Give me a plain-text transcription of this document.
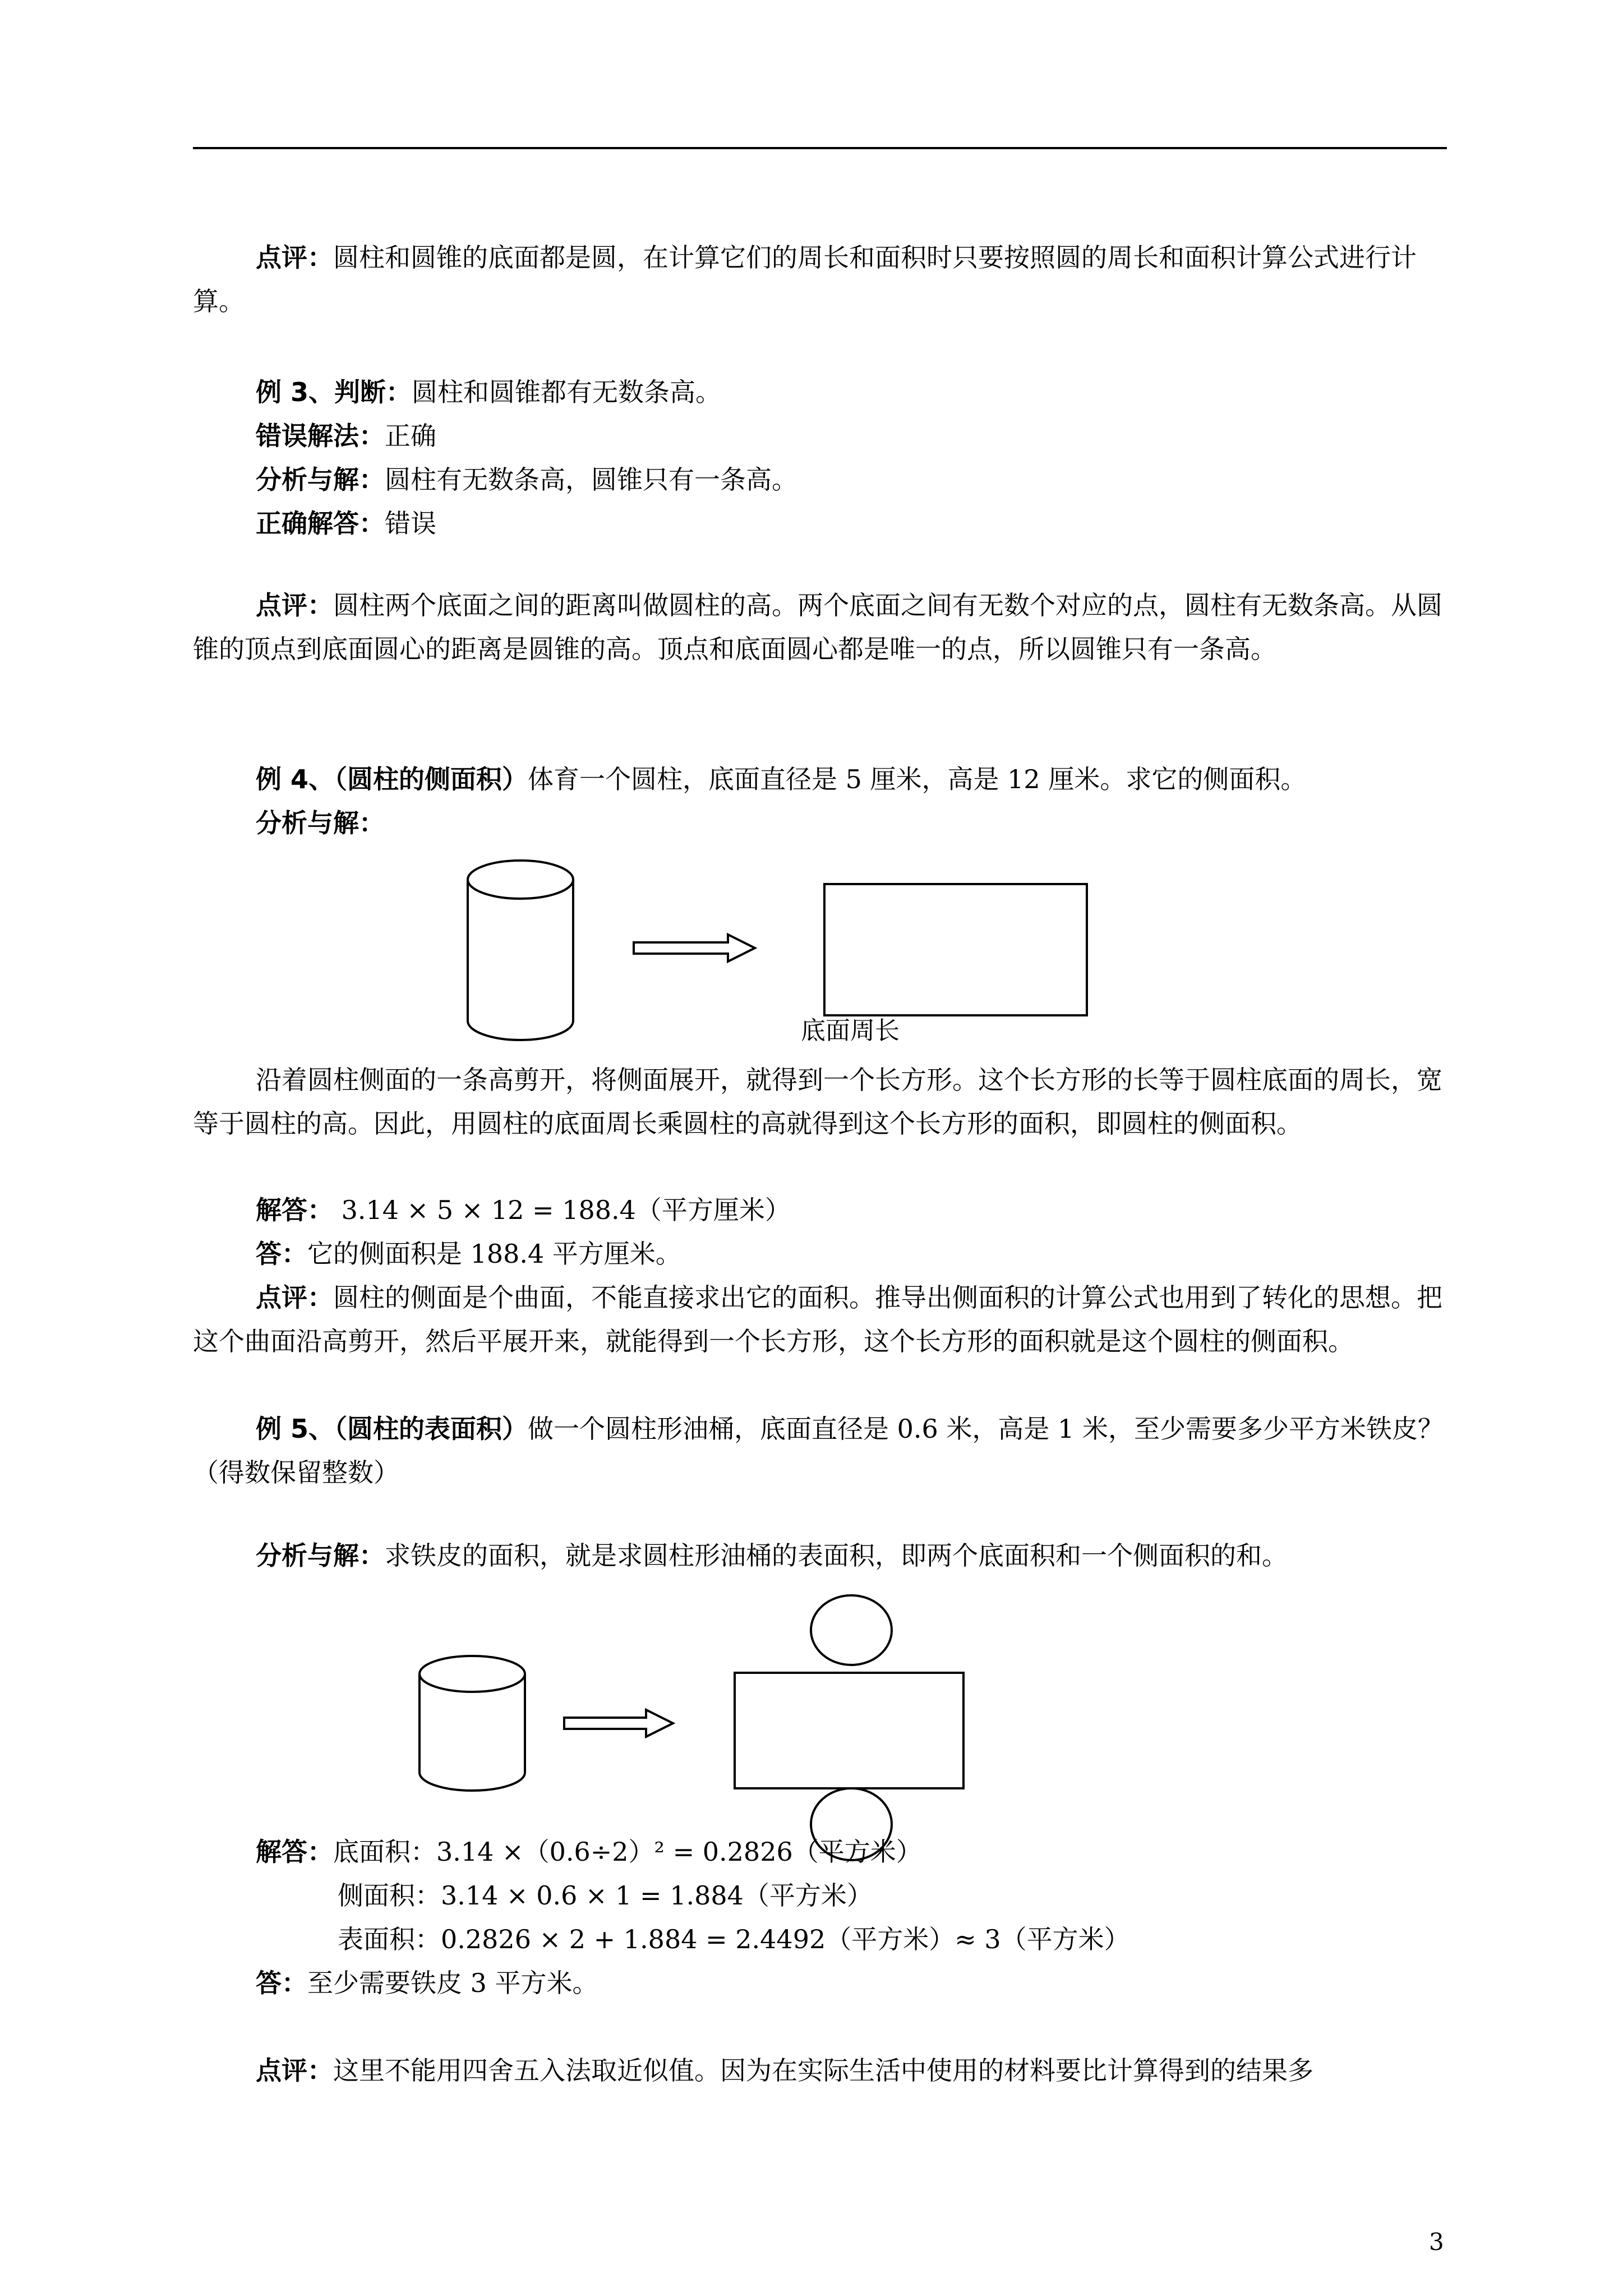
点评：圆柱和圆锥的底面都是圆，在计算它们的周长和面积时只要按照圆的周长和面积计算公式进行计算。
例 3、判断：圆柱和圆锥都有无数条高。
错误解法：正确
分析与解：圆柱有无数条高，圆锥只有一条高。
正确解答：错误
点评：圆柱两个底面之间的距离叫做圆柱的高。两个底面之间有无数个对应的点，圆柱有无数条高。从圆锥的顶点到底面圆心的距离是圆锥的高。顶点和底面圆心都是唯一的点，所以圆锥只有一条高。
例 4、（圆柱的侧面积）体育一个圆柱，底面直径是 5 厘米，高是 12 厘米。求它的侧面积。
分析与解：
底面周长
沿着圆柱侧面的一条高剪开，将侧面展开，就得到一个长方形。这个长方形的长等于圆柱底面的周长，宽等于圆柱的高。因此，用圆柱的底面周长乘圆柱的高就得到这个长方形的面积，即圆柱的侧面积。
解答： 3.14 × 5 × 12 = 188.4（平方厘米）
答：它的侧面积是 188.4 平方厘米。
点评：圆柱的侧面是个曲面，不能直接求出它的面积。推导出侧面积的计算公式也用到了转化的思想。把这个曲面沿高剪开，然后平展开来，就能得到一个长方形，这个长方形的面积就是这个圆柱的侧面积。
例 5、（圆柱的表面积）做一个圆柱形油桶，底面直径是 0.6 米，高是 1 米，至少需要多少平方米铁皮？（得数保留整数）
分析与解：求铁皮的面积，就是求圆柱形油桶的表面积，即两个底面积和一个侧面积的和。
解答：底面积：3.14 ×（0.6÷2）² = 0.2826（平方米）
侧面积：3.14 × 0.6 × 1 = 1.884（平方米）
表面积：0.2826 × 2 + 1.884 = 2.4492（平方米）≈ 3（平方米）
答：至少需要铁皮 3 平方米。
点评：这里不能用四舍五入法取近似值。因为在实际生活中使用的材料要比计算得到的结果多
3
